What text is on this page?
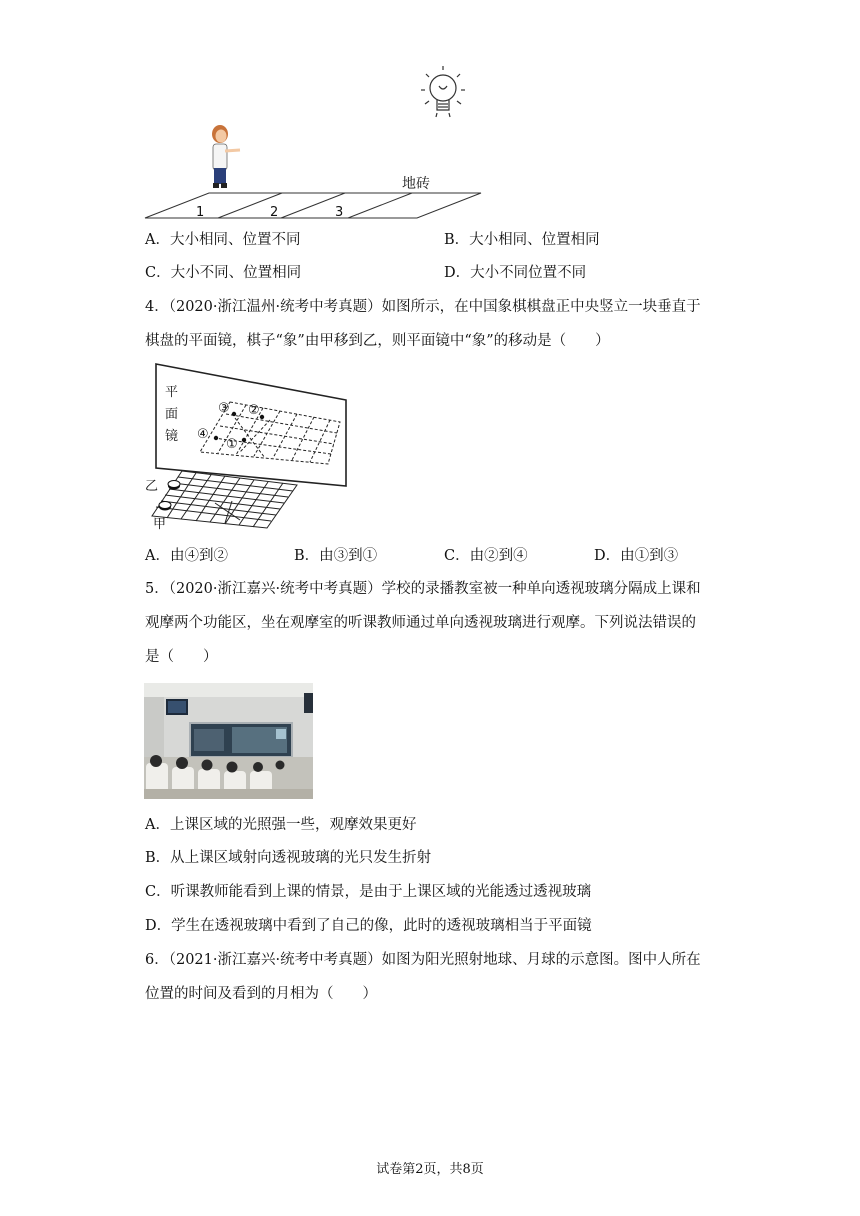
地砖
1	2	3
A．大小相同、位置不同	B．大小相同、位置相同
C．大小不同、位置相同	D．大小不同位置不同
4．（2020·浙江温州·统考中考真题）如图所示，在中国象棋棋盘正中央竖立一块垂直于
棋盘的平面镜，棋子“象”由甲移到乙，则平面镜中“象”的移动是（　　）
平
面
镜
③ ②
④
①
乙
甲
A．由④到②	B．由③到①	C．由②到④	D．由①到③
5．（2020·浙江嘉兴·统考中考真题）学校的录播教室被一种单向透视玻璃分隔成上课和
观摩两个功能区，坐在观摩室的听课教师通过单向透视玻璃进行观摩。下列说法错误的
是（　　）
A．上课区域的光照强一些，观摩效果更好
B．从上课区域射向透视玻璃的光只发生折射
C．听课教师能看到上课的情景，是由于上课区域的光能透过透视玻璃
D．学生在透视玻璃中看到了自己的像，此时的透视玻璃相当于平面镜
6．（2021·浙江嘉兴·统考中考真题）如图为阳光照射地球、月球的示意图。图中人所在
位置的时间及看到的月相为（　　）
试卷第2页，共8页
